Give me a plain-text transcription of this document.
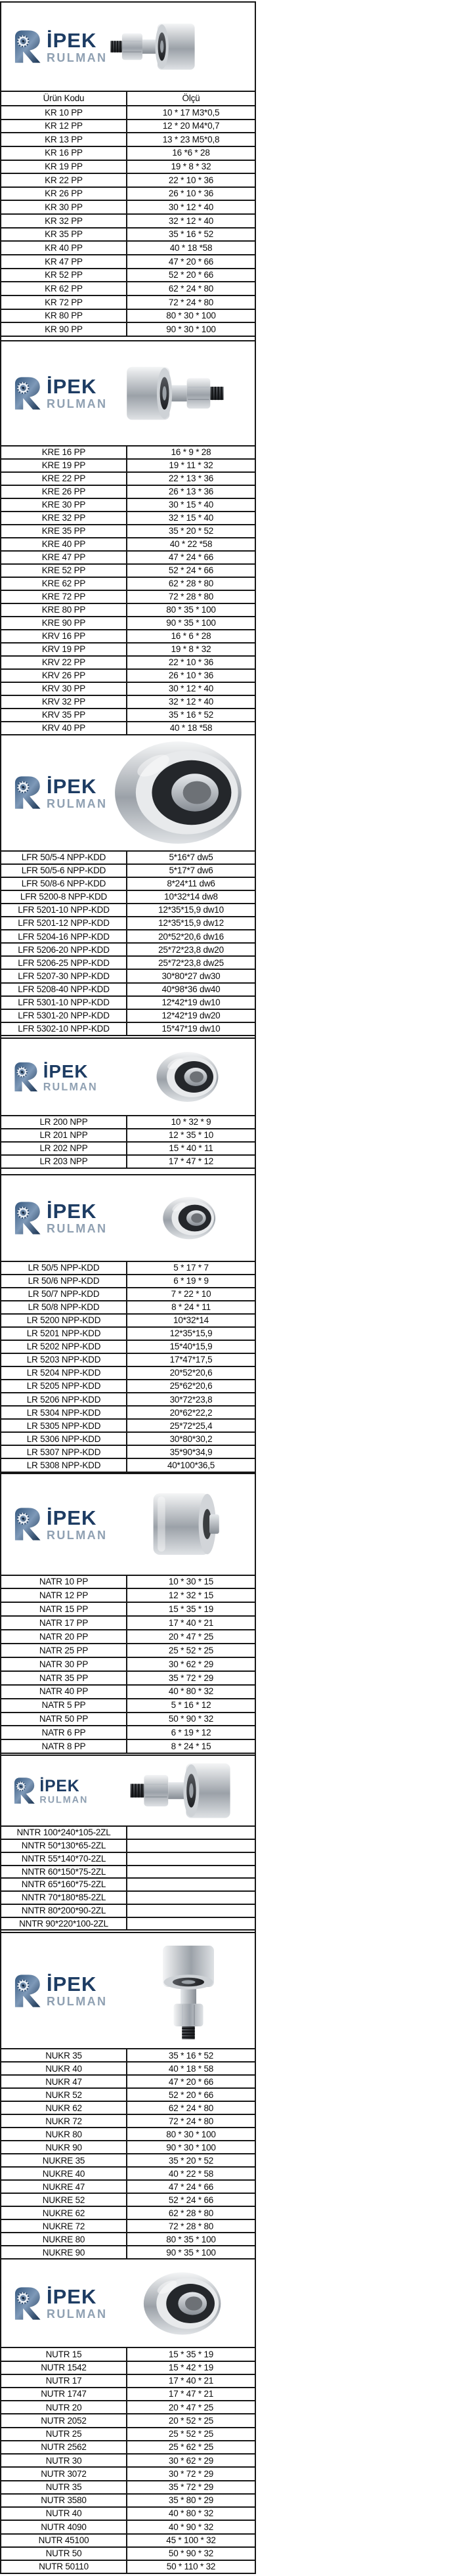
İPEK
RULMAN
Ürün Kodu	Ölçü
KR 10 PP	10 * 17 M3*0,5
KR 12 PP	12 * 20 M4*0,7
KR 13 PP	13 * 23 M5*0,8
KR 16 PP	16 *6 * 28
KR 19 PP	19 * 8 * 32
KR 22 PP	22 * 10 * 36
KR 26 PP	26 * 10 * 36
KR 30 PP	30 * 12 * 40
KR 32 PP	32 * 12 * 40
KR 35 PP	35 * 16 * 52
KR 40 PP	40 * 18 *58
KR 47 PP	47 * 20 * 66
KR 52 PP	52 * 20 * 66
KR 62 PP	62 * 24 * 80
KR 72 PP	72 * 24 * 80
KR 80 PP	80 * 30 * 100
KR 90 PP	90 * 30 * 100
İPEK
RULMAN
KRE 16 PP	16 * 9 * 28
KRE 19 PP	19 * 11 * 32
KRE 22 PP	22 * 13 * 36
KRE 26 PP	26 * 13 * 36
KRE 30 PP	30 * 15 * 40
KRE 32 PP	32 * 15 * 40
KRE 35 PP	35 * 20 * 52
KRE 40 PP	40 * 22 *58
KRE 47 PP	47 * 24 * 66
KRE 52 PP	52 * 24 * 66
KRE 62 PP	62 * 28 * 80
KRE 72 PP	72 * 28 * 80
KRE 80 PP	80 * 35 * 100
KRE 90 PP	90 * 35 * 100
KRV 16 PP	16 * 6 * 28
KRV 19 PP	19 * 8 * 32
KRV 22 PP	22 * 10 * 36
KRV 26 PP	26 * 10 * 36
KRV 30 PP	30 * 12 * 40
KRV 32 PP	32 * 12 * 40
KRV 35 PP	35 * 16 * 52
KRV 40 PP	40 * 18 *58
İPEK
RULMAN
LFR 50/5-4 NPP-KDD	5*16*7 dw5
LFR 50/5-6 NPP-KDD	5*17*7 dw6
LFR 50/8-6 NPP-KDD	8*24*11 dw6
LFR 5200-8 NPP-KDD	10*32*14 dw8
LFR 5201-10 NPP-KDD	12*35*15,9 dw10
LFR 5201-12 NPP-KDD	12*35*15,9 dw12
LFR 5204-16 NPP-KDD	20*52*20,6 dw16
LFR 5206-20 NPP-KDD	25*72*23,8 dw20
LFR 5206-25 NPP-KDD	25*72*23,8 dw25
LFR 5207-30 NPP-KDD	30*80*27 dw30
LFR 5208-40 NPP-KDD	40*98*36 dw40
LFR 5301-10 NPP-KDD	12*42*19 dw10
LFR 5301-20 NPP-KDD	12*42*19 dw20
LFR 5302-10 NPP-KDD	15*47*19 dw10
İPEK
RULMAN
LR 200 NPP	10 * 32 * 9
LR 201 NPP	12 * 35 * 10
LR 202 NPP	15 * 40 * 11
LR 203 NPP	17 * 47 * 12
İPEK
RULMAN
LR 50/5 NPP-KDD	5 * 17 * 7
LR 50/6 NPP-KDD	6 * 19 * 9
LR 50/7 NPP-KDD	7 * 22 * 10
LR 50/8 NPP-KDD	8 * 24 * 11
LR 5200 NPP-KDD	10*32*14
LR 5201 NPP-KDD	12*35*15,9
LR 5202 NPP-KDD	15*40*15,9
LR 5203 NPP-KDD	17*47*17,5
LR 5204 NPP-KDD	20*52*20,6
LR 5205 NPP-KDD	25*62*20,6
LR 5206 NPP-KDD	30*72*23,8
LR 5304 NPP-KDD	20*62*22,2
LR 5305 NPP-KDD	25*72*25,4
LR 5306 NPP-KDD	30*80*30,2
LR 5307 NPP-KDD	35*90*34,9
LR 5308 NPP-KDD	40*100*36,5
İPEK
RULMAN
NATR 10 PP	10 * 30 * 15
NATR 12 PP	12 * 32 * 15
NATR 15 PP	15 * 35 * 19
NATR 17 PP	17 * 40 * 21
NATR 20 PP	20 * 47 * 25
NATR 25 PP	25 * 52 * 25
NATR 30 PP	30 * 62 * 29
NATR 35 PP	35 * 72 * 29
NATR 40 PP	40 * 80 * 32
NATR 5 PP	5 * 16 * 12
NATR 50 PP	50 * 90 * 32
NATR 6 PP	6 * 19 * 12
NATR 8 PP	8 * 24 * 15
İPEK
RULMAN
NNTR 100*240*105-2ZL
NNTR 50*130*65-2ZL
NNTR 55*140*70-2ZL
NNTR 60*150*75-2ZL
NNTR 65*160*75-2ZL
NNTR 70*180*85-2ZL
NNTR 80*200*90-2ZL
NNTR 90*220*100-2ZL
İPEK
RULMAN
NUKR 35	35 * 16 * 52
NUKR 40	40 * 18 * 58
NUKR 47	47 * 20 * 66
NUKR 52	52 * 20 * 66
NUKR 62	62 * 24 * 80
NUKR 72	72 * 24 * 80
NUKR 80	80 * 30 * 100
NUKR 90	90 * 30 * 100
NUKRE 35	35 * 20 * 52
NUKRE 40	40 * 22 * 58
NUKRE 47	47 * 24 * 66
NUKRE 52	52 * 24 * 66
NUKRE 62	62 * 28 * 80
NUKRE 72	72 * 28 * 80
NUKRE 80	80 * 35 * 100
NUKRE 90	90 * 35 * 100
İPEK
RULMAN
NUTR 15	15 * 35 * 19
NUTR 1542	15 * 42 * 19
NUTR 17	17 * 40 * 21
NUTR 1747	17 * 47 * 21
NUTR 20	20 * 47 * 25
NUTR 2052	20 * 52 * 25
NUTR 25	25 * 52 * 25
NUTR 2562	25 * 62 * 25
NUTR 30	30 * 62 * 29
NUTR 3072	30 * 72 * 29
NUTR 35	35 * 72 * 29
NUTR 3580	35 * 80 * 29
NUTR 40	40 * 80 * 32
NUTR 4090	40 * 90 * 32
NUTR 45100	45 * 100 * 32
NUTR 50	50 * 90 * 32
NUTR 50110	50 * 110 * 32
